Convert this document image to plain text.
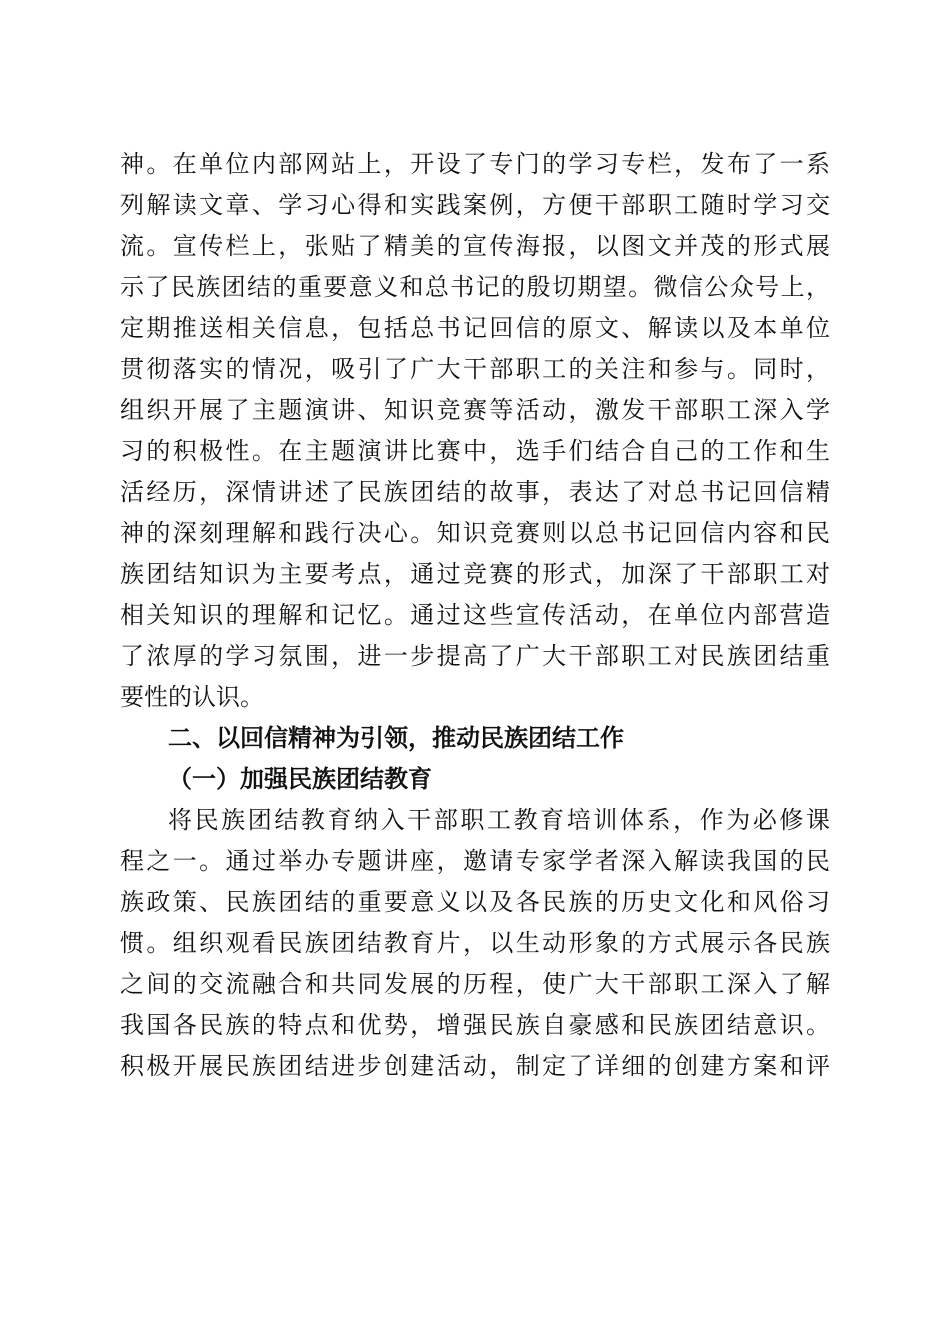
神。在单位内部网站上，开设了专门的学习专栏，发布了一系
列解读文章、学习心得和实践案例，方便干部职工随时学习交
流。宣传栏上，张贴了精美的宣传海报，以图文并茂的形式展
示了民族团结的重要意义和总书记的殷切期望。微信公众号上，
定期推送相关信息，包括总书记回信的原文、解读以及本单位
贯彻落实的情况，吸引了广大干部职工的关注和参与。同时，
组织开展了主题演讲、知识竞赛等活动，激发干部职工深入学
习的积极性。在主题演讲比赛中，选手们结合自己的工作和生
活经历，深情讲述了民族团结的故事，表达了对总书记回信精
神的深刻理解和践行决心。知识竞赛则以总书记回信内容和民
族团结知识为主要考点，通过竞赛的形式，加深了干部职工对
相关知识的理解和记忆。通过这些宣传活动，在单位内部营造
了浓厚的学习氛围，进一步提高了广大干部职工对民族团结重
要性的认识。
二、以回信精神为引领，推动民族团结工作
（一）加强民族团结教育
将民族团结教育纳入干部职工教育培训体系，作为必修课
程之一。通过举办专题讲座，邀请专家学者深入解读我国的民
族政策、民族团结的重要意义以及各民族的历史文化和风俗习
惯。组织观看民族团结教育片，以生动形象的方式展示各民族
之间的交流融合和共同发展的历程，使广大干部职工深入了解
我国各民族的特点和优势，增强民族自豪感和民族团结意识。
积极开展民族团结进步创建活动，制定了详细的创建方案和评
